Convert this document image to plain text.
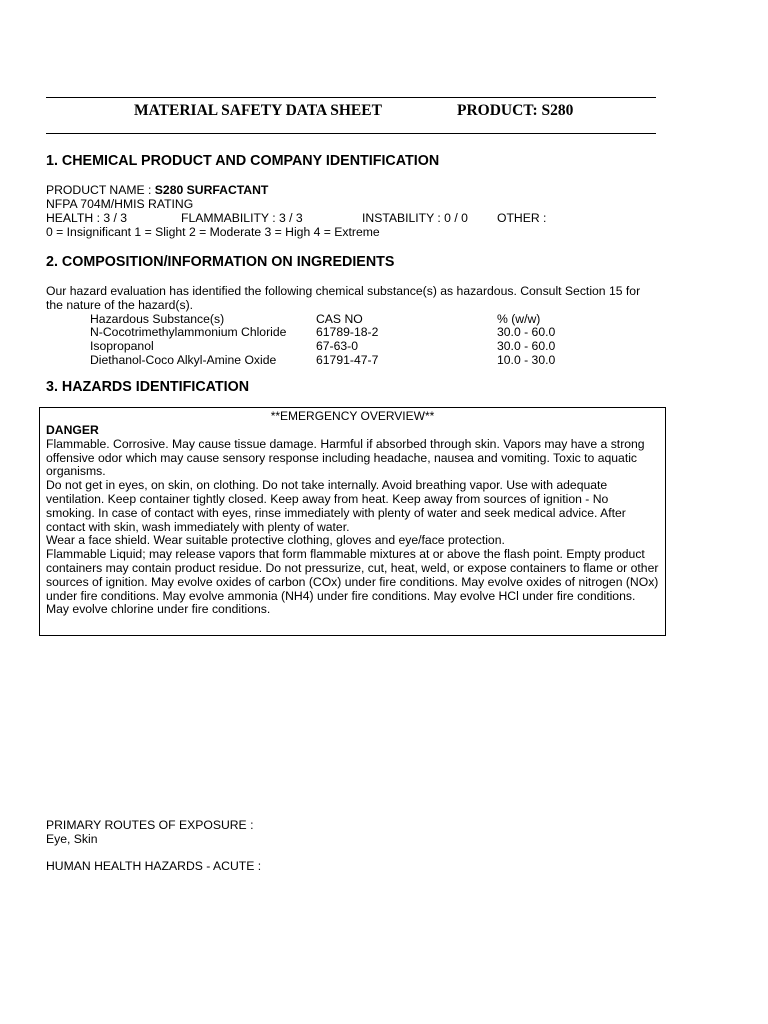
MATERIAL SAFETY DATA SHEET	PRODUCT: S280
1. CHEMICAL PRODUCT AND COMPANY IDENTIFICATION
PRODUCT NAME : S280 SURFACTANT
NFPA 704M/HMIS RATING
HEALTH : 3 / 3	FLAMMABILITY : 3 / 3	INSTABILITY : 0 / 0 OTHER :
0 = Insignificant 1 = Slight 2 = Moderate 3 = High 4 = Extreme
2. COMPOSITION/INFORMATION ON INGREDIENTS
Our hazard evaluation has identified the following chemical substance(s) as hazardous. Consult Section 15 for
the nature of the hazard(s).
Hazardous Substance(s)	CAS NO	% (w/w)
N-Cocotrimethylammonium Chloride 61789-18-2	30.0 - 60.0
Isopropanol	67-63-0	30.0 - 60.0
Diethanol-Coco Alkyl-Amine Oxide	61791-47-7	10.0 - 30.0
3. HAZARDS IDENTIFICATION
**EMERGENCY OVERVIEW**
DANGER
Flammable. Corrosive. May cause tissue damage. Harmful if absorbed through skin. Vapors may have a strong
offensive odor which may cause sensory response including headache, nausea and vomiting. Toxic to aquatic
organisms.
Do not get in eyes, on skin, on clothing. Do not take internally. Avoid breathing vapor. Use with adequate
ventilation. Keep container tightly closed. Keep away from heat. Keep away from sources of ignition - No
smoking. In case of contact with eyes, rinse immediately with plenty of water and seek medical advice. After
contact with skin, wash immediately with plenty of water.
Wear a face shield. Wear suitable protective clothing, gloves and eye/face protection.
Flammable Liquid; may release vapors that form flammable mixtures at or above the flash point. Empty product
containers may contain product residue. Do not pressurize, cut, heat, weld, or expose containers to flame or other
sources of ignition. May evolve oxides of carbon (COx) under fire conditions. May evolve oxides of nitrogen (NOx)
under fire conditions. May evolve ammonia (NH4) under fire conditions. May evolve HCl under fire conditions.
May evolve chlorine under fire conditions.
PRIMARY ROUTES OF EXPOSURE :
Eye, Skin
HUMAN HEALTH HAZARDS - ACUTE :
